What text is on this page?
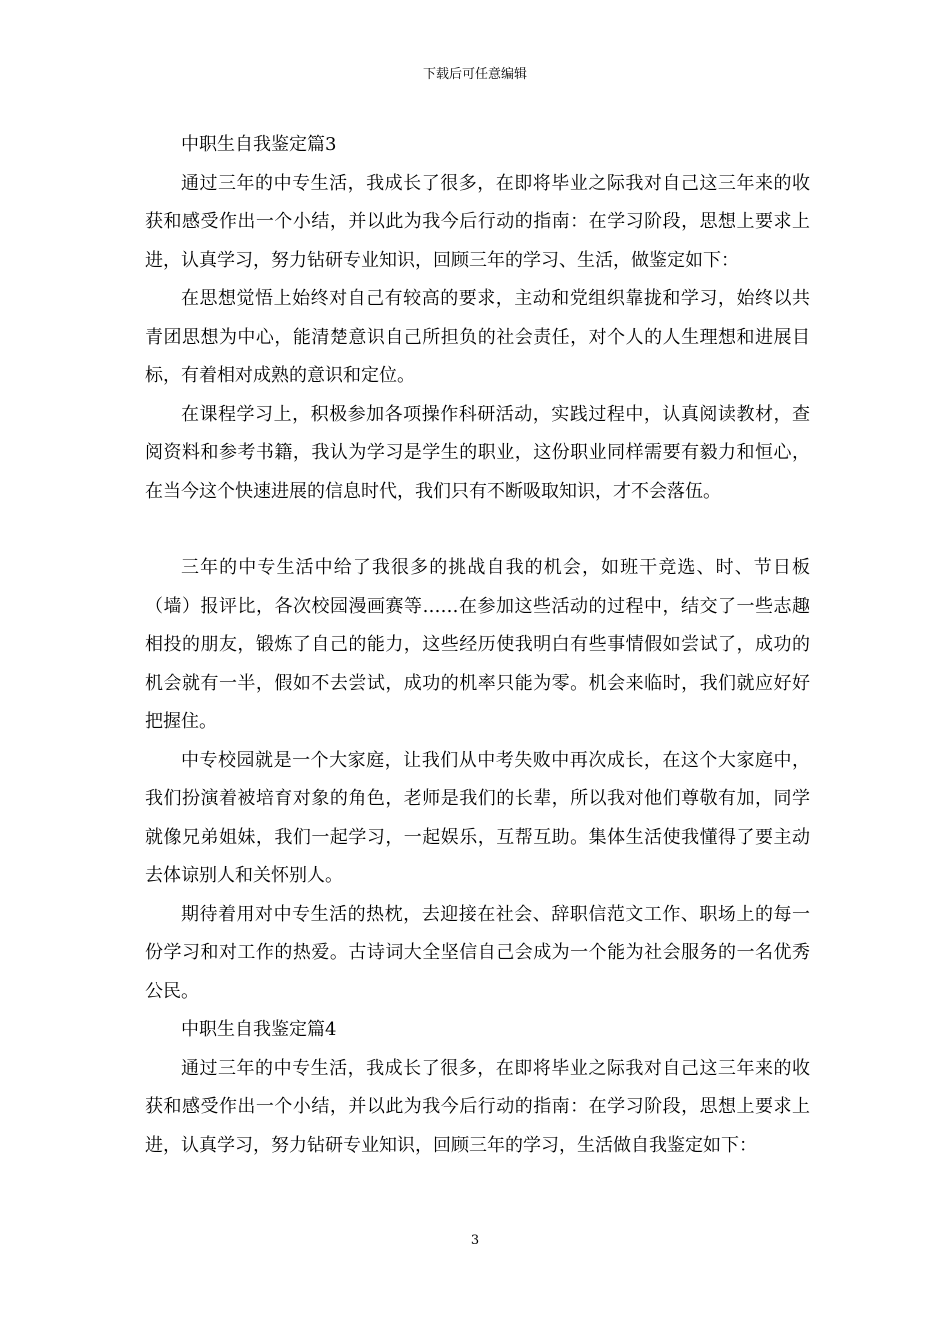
下载后可任意编辑

中职生自我鉴定篇3

通过三年的中专生活，我成长了很多，在即将毕业之际我对自己这三年来的收获和感受作出一个小结，并以此为我今后行动的指南：在学习阶段，思想上要求上进，认真学习，努力钻研专业知识，回顾三年的学习、生活，做鉴定如下：

在思想觉悟上始终对自己有较高的要求，主动和党组织靠拢和学习，始终以共青团思想为中心，能清楚意识自己所担负的社会责任，对个人的人生理想和进展目标，有着相对成熟的意识和定位。

在课程学习上，积极参加各项操作科研活动，实践过程中，认真阅读教材，查阅资料和参考书籍，我认为学习是学生的职业，这份职业同样需要有毅力和恒心，在当今这个快速进展的信息时代，我们只有不断吸取知识，才不会落伍。

三年的中专生活中给了我很多的挑战自我的机会，如班干竞选、时、节日板（墙）报评比，各次校园漫画赛等……在参加这些活动的过程中，结交了一些志趣相投的朋友，锻炼了自己的能力，这些经历使我明白有些事情假如尝试了，成功的机会就有一半，假如不去尝试，成功的机率只能为零。机会来临时，我们就应好好把握住。

中专校园就是一个大家庭，让我们从中考失败中再次成长，在这个大家庭中，我们扮演着被培育对象的角色，老师是我们的长辈，所以我对他们尊敬有加，同学就像兄弟姐妹，我们一起学习，一起娱乐，互帮互助。集体生活使我懂得了要主动去体谅别人和关怀别人。

期待着用对中专生活的热枕，去迎接在社会、辞职信范文工作、职场上的每一份学习和对工作的热爱。古诗词大全坚信自己会成为一个能为社会服务的一名优秀公民。

中职生自我鉴定篇4

通过三年的中专生活，我成长了很多，在即将毕业之际我对自己这三年来的收获和感受作出一个小结，并以此为我今后行动的指南：在学习阶段，思想上要求上进，认真学习，努力钻研专业知识，回顾三年的学习，生活做自我鉴定如下：

3
